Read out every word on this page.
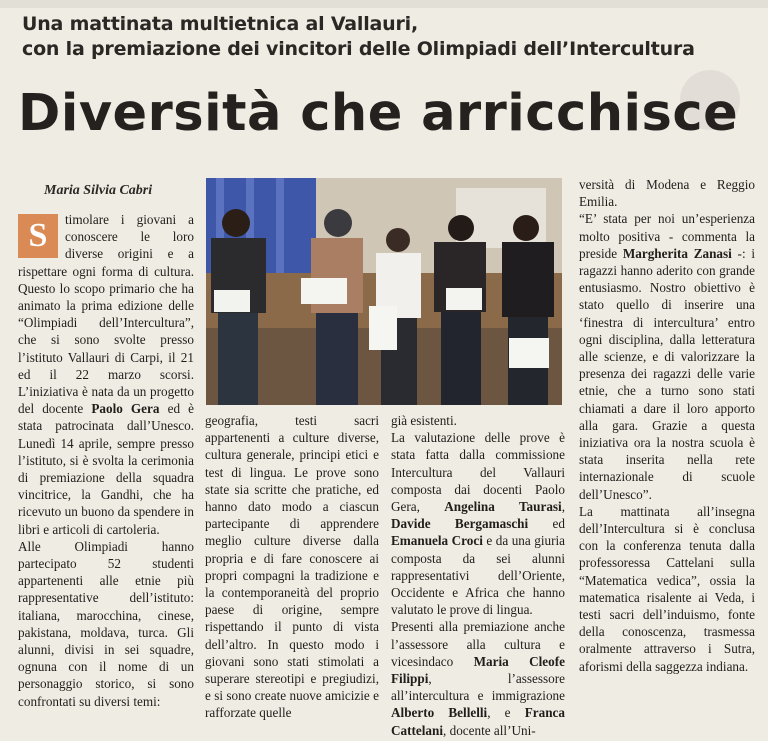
Una mattinata multietnica al Vallauri,
con la premiazione dei vincitori delle Olimpiadi dell’Intercultura
Diversità che arricchisce
Maria Silvia Cabri

S	timolare i giovani a conoscere le loro diverse origini e a rispettare ogni forma di cultura. Questo lo scopo primario che ha animato la prima edizione delle “Olimpiadi dell’Intercultura”, che si sono svolte presso l’istituto Vallauri di Carpi, il 21 ed il 22 marzo scorsi. L’iniziativa è nata da un progetto del docente Paolo Gera ed è stata patrocinata dall’Unesco. Lunedì 14 aprile, sempre presso l’istituto, si è svolta la cerimonia di premiazione della squadra vincitrice, la Gandhi, che ha ricevuto un buono da spendere in libri e articoli di cartoleria.

Alle Olimpiadi hanno partecipato 52 studenti appartenenti alle etnie più rappresentative dell’istituto: italiana, marocchina, cinese, pakistana, moldava, turca. Gli alunni, divisi in sei squadre, ognuna con il nome di un personaggio storico, si sono confrontati su diversi temi:

geografia, testi sacri appartenenti a culture diverse, cultura generale, principi etici e test di lingua. Le prove sono state sia scritte che pratiche, ed hanno dato modo a ciascun partecipante di apprendere meglio culture diverse dalla propria e di fare conoscere ai propri compagni la tradizione e la contemporaneità del proprio paese di origine, sempre rispettando il punto di vista dell’altro. In questo modo i giovani sono stati stimolati a superare stereotipi e pregiudizi, e si sono create nuove amicizie e rafforzate quelle

già esistenti.

La valutazione delle prove è stata fatta dalla commissione Intercultura del Vallauri composta dai docenti Paolo Gera, Angelina Taurasi, Davide Bergamaschi ed Emanuela Croci e da una giuria composta da sei alunni rappresentativi dell’Oriente, Occidente e Africa che hanno valutato le prove di lingua.

Presenti alla premiazione anche l’assessore alla cultura e vicesindaco Maria Cleofe Filippi, l’assessore all’intercultura e immigrazione Alberto Bellelli, e Franca Cattelani, docente all’Uni-

versità di Modena e Reggio Emilia.

“E’ stata per noi un’esperienza molto positiva - commenta la preside Margherita Zanasi -: i ragazzi hanno aderito con grande entusiasmo. Nostro obiettivo è stato quello di inserire una ‘finestra di intercultura’ entro ogni disciplina, dalla letteratura alle scienze, e di valorizzare la presenza dei ragazzi delle varie etnie, che a turno sono stati chiamati a dare il loro apporto alla gara. Grazie a questa iniziativa ora la nostra scuola è stata inserita nella rete internazionale di scuole dell’Unesco”.

La mattinata all’insegna dell’Intercultura si è conclusa con la conferenza tenuta dalla professoressa Cattelani sulla “Matematica vedica”, ossia la matematica risalente ai Veda, i testi sacri dell’induismo, fonte della conoscenza, trasmessa oralmente attraverso i Sutra, aforismi della saggezza indiana.
